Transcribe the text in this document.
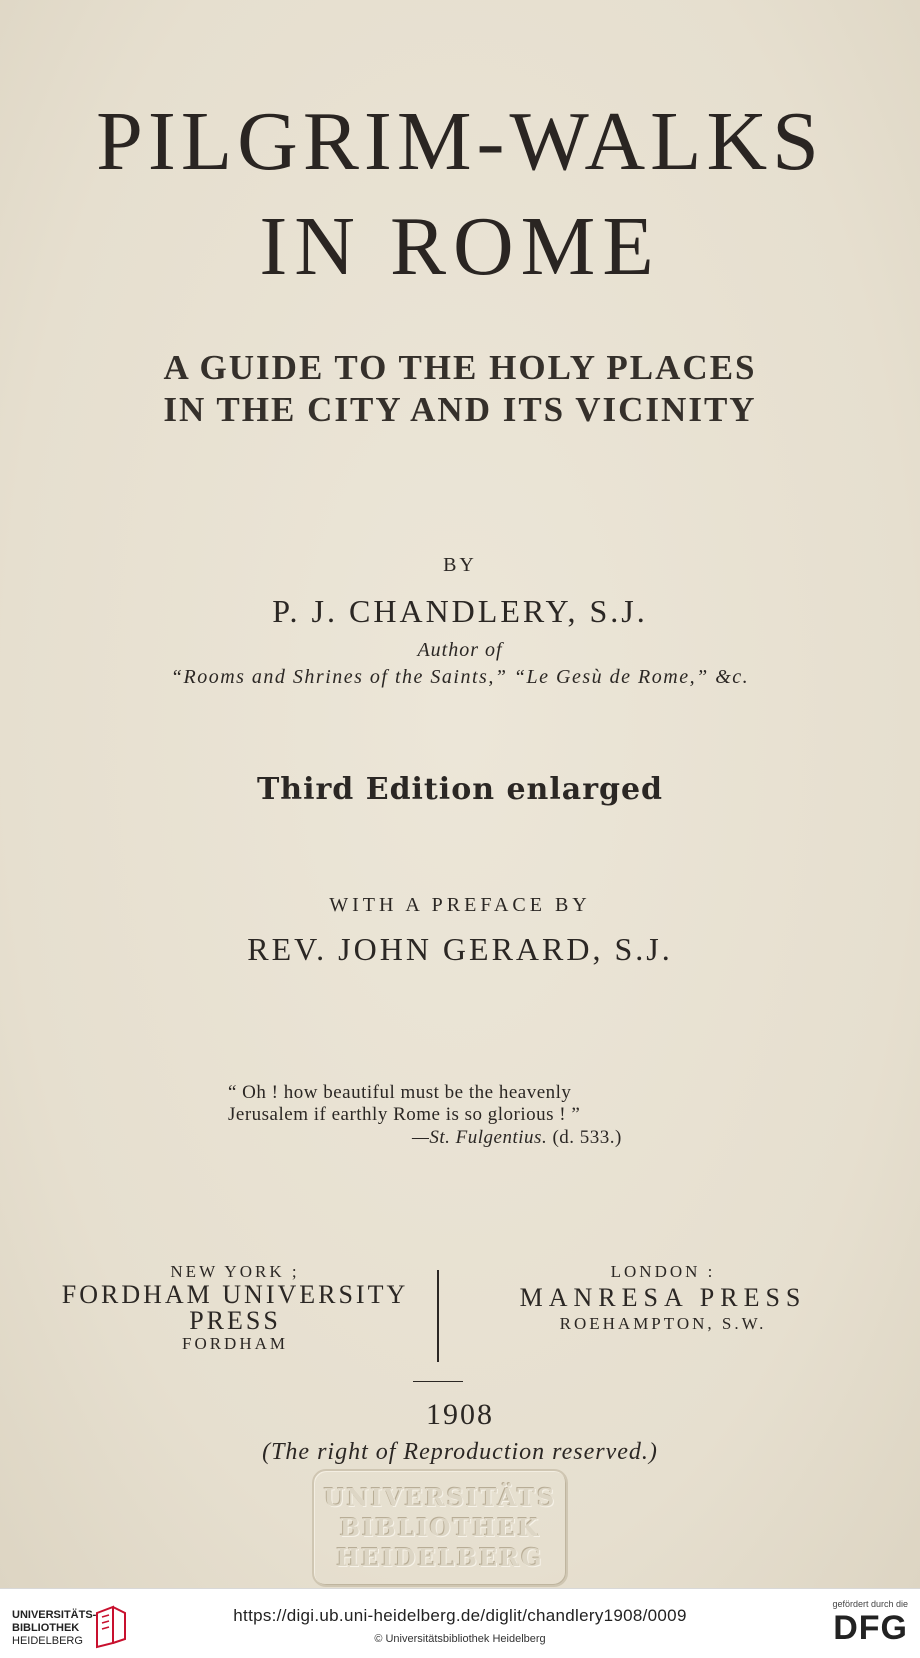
PILGRIM-WALKS
IN ROME
A GUIDE TO THE HOLY PLACES
IN THE CITY AND ITS VICINITY
BY
P. J. CHANDLERY, S.J.
Author of
“Rooms and Shrines of the Saints,” “Le Gesù de Rome,” &c.
Third Edition enlarged
WITH A PREFACE BY
REV. JOHN GERARD, S.J.
“ Oh ! how beautiful must be the heavenly
Jerusalem if earthly Rome is so glorious ! ”
—St. Fulgentius. (d. 533.)
NEW YORK ;
FORDHAM UNIVERSITY
PRESS
FORDHAM
LONDON :
MANRESA PRESS
ROEHAMPTON, S.W.
1908
(The right of Reproduction reserved.)
UNIVERSITÄTS
BIBLIOTHEK
HEIDELBERG
UNIVERSITÄTS-
BIBLIOTHEK
HEIDELBERG
https://digi.ub.uni-heidelberg.de/diglit/chandlery1908/0009
© Universitätsbibliothek Heidelberg
gefördert durch die
DFG
